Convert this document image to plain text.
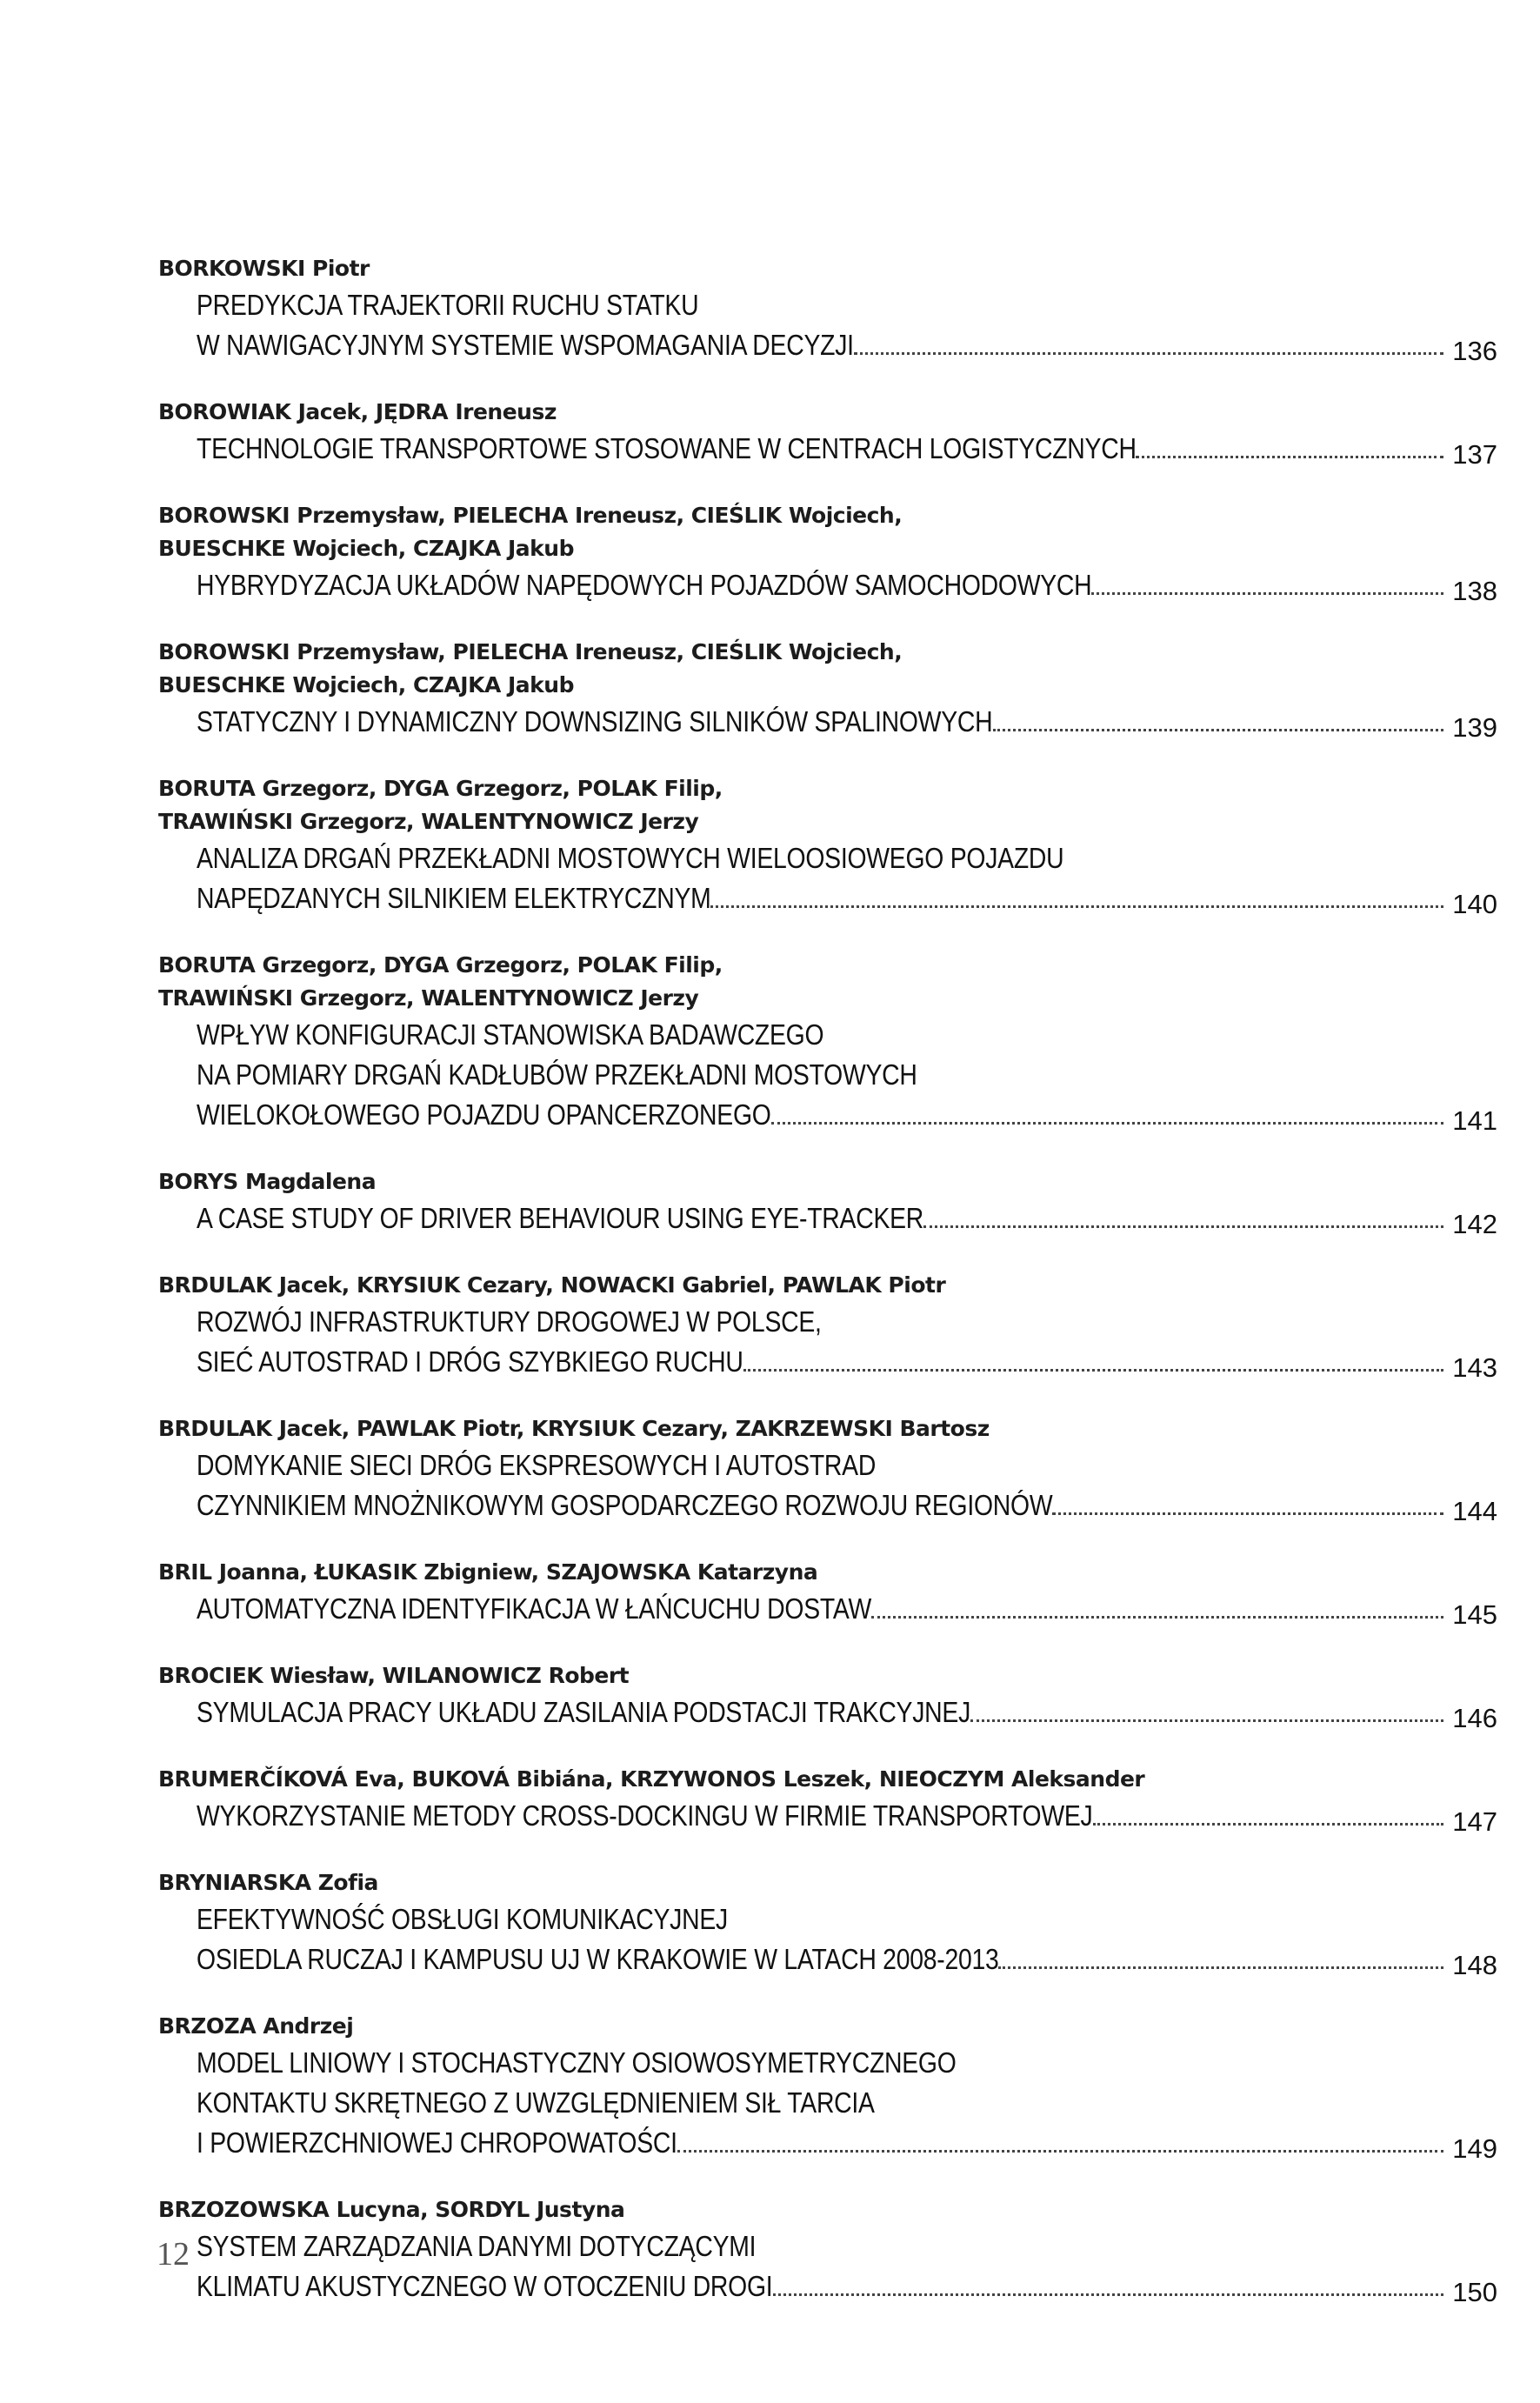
BORKOWSKI Piotr
PREDYKCJA TRAJEKTORII RUCHU STATKU
W NAWIGACYJNYM SYSTEMIE WSPOMAGANIA DECYZJI	136
BOROWIAK Jacek, JĘDRA Ireneusz
TECHNOLOGIE TRANSPORTOWE STOSOWANE W CENTRACH LOGISTYCZNYCH	137
BOROWSKI Przemysław, PIELECHA Ireneusz, CIEŚLIK Wojciech,
BUESCHKE Wojciech, CZAJKA Jakub
HYBRYDYZACJA UKŁADÓW NAPĘDOWYCH POJAZDÓW SAMOCHODOWYCH	138
BOROWSKI Przemysław, PIELECHA Ireneusz, CIEŚLIK Wojciech,
BUESCHKE Wojciech, CZAJKA Jakub
STATYCZNY I DYNAMICZNY DOWNSIZING SILNIKÓW SPALINOWYCH	139
BORUTA Grzegorz, DYGA Grzegorz, POLAK Filip,
TRAWIŃSKI Grzegorz, WALENTYNOWICZ Jerzy
ANALIZA DRGAŃ PRZEKŁADNI MOSTOWYCH WIELOOSIOWEGO POJAZDU
NAPĘDZANYCH SILNIKIEM ELEKTRYCZNYM	140
BORUTA Grzegorz, DYGA Grzegorz, POLAK Filip,
TRAWIŃSKI Grzegorz, WALENTYNOWICZ Jerzy
WPŁYW KONFIGURACJI STANOWISKA BADAWCZEGO
NA POMIARY DRGAŃ KADŁUBÓW PRZEKŁADNI MOSTOWYCH
WIELOKOŁOWEGO POJAZDU OPANCERZONEGO	141
BORYS Magdalena
A CASE STUDY OF DRIVER BEHAVIOUR USING EYE-TRACKER	142
BRDULAK Jacek, KRYSIUK Cezary, NOWACKI Gabriel, PAWLAK Piotr
ROZWÓJ INFRASTRUKTURY DROGOWEJ W POLSCE,
SIEĆ AUTOSTRAD I DRÓG SZYBKIEGO RUCHU	143
BRDULAK Jacek, PAWLAK Piotr, KRYSIUK Cezary, ZAKRZEWSKI Bartosz
DOMYKANIE SIECI DRÓG EKSPRESOWYCH I AUTOSTRAD
CZYNNIKIEM MNOŻNIKOWYM GOSPODARCZEGO ROZWOJU REGIONÓW	144
BRIL Joanna, ŁUKASIK Zbigniew, SZAJOWSKA Katarzyna
AUTOMATYCZNA IDENTYFIKACJA W ŁAŃCUCHU DOSTAW	145
BROCIEK Wiesław, WILANOWICZ Robert
SYMULACJA PRACY UKŁADU ZASILANIA PODSTACJI TRAKCYJNEJ	146
BRUMERČÍKOVÁ Eva, BUKOVÁ Bibiána, KRZYWONOS Leszek, NIEOCZYM Aleksander
WYKORZYSTANIE METODY CROSS-DOCKINGU W FIRMIE TRANSPORTOWEJ	147
BRYNIARSKA Zofia
EFEKTYWNOŚĆ OBSŁUGI KOMUNIKACYJNEJ
OSIEDLA RUCZAJ I KAMPUSU UJ W KRAKOWIE W LATACH 2008-2013	148
BRZOZA Andrzej
MODEL LINIOWY I STOCHASTYCZNY OSIOWOSYMETRYCZNEGO
KONTAKTU SKRĘTNEGO Z UWZGLĘDNIENIEM SIŁ TARCIA
I POWIERZCHNIOWEJ CHROPOWATOŚCI	149
BRZOZOWSKA Lucyna, SORDYL Justyna
SYSTEM ZARZĄDZANIA DANYMI DOTYCZĄCYMI
KLIMATU AKUSTYCZNEGO W OTOCZENIU DROGI	150
12
